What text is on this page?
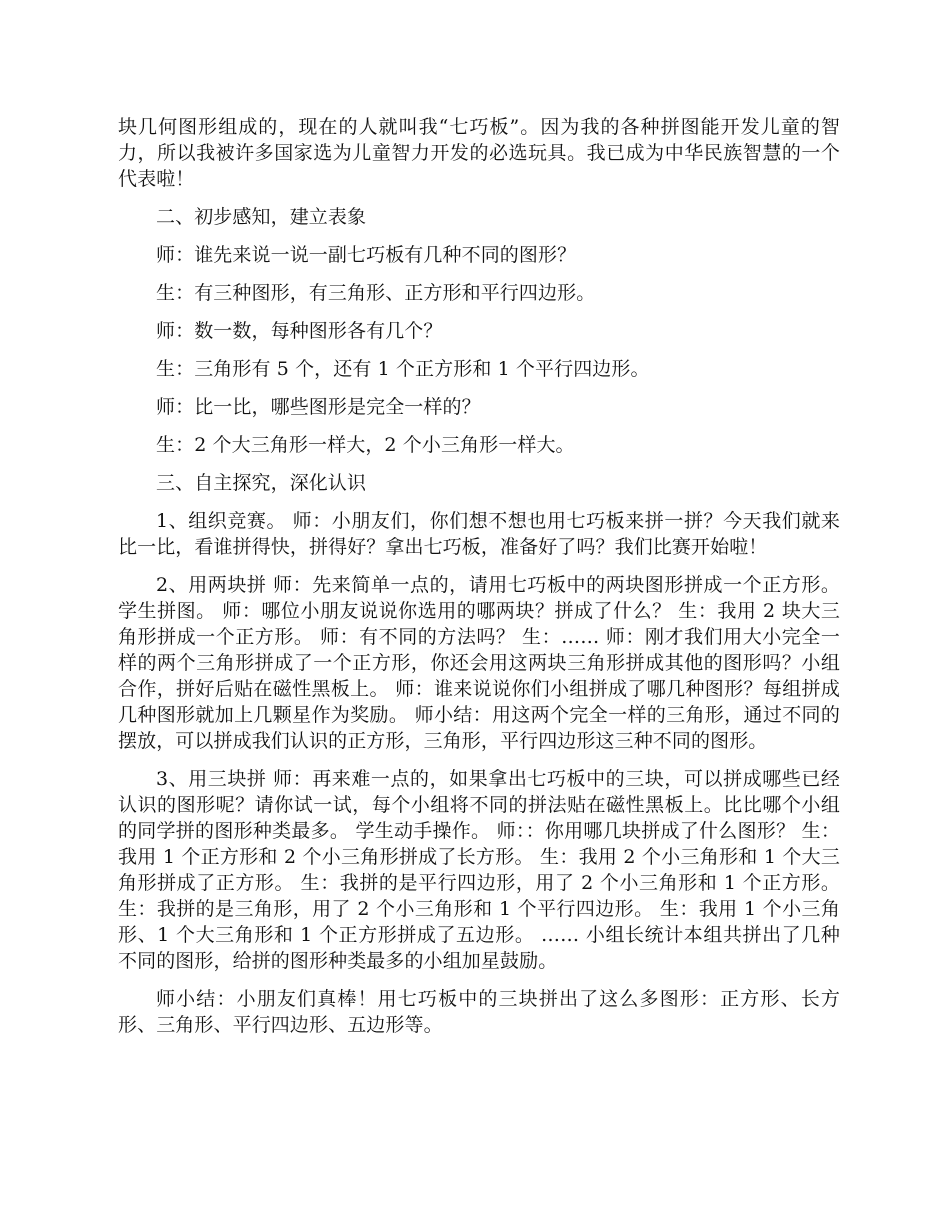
块几何图形组成的，现在的人就叫我“七巧板”。因为我的各种拼图能开发儿童的智力，所以我被许多国家选为儿童智力开发的必选玩具。我已成为中华民族智慧的一个代表啦！

二、初步感知，建立表象

师：谁先来说一说一副七巧板有几种不同的图形？

生：有三种图形，有三角形、正方形和平行四边形。

师：数一数，每种图形各有几个？

生：三角形有 5 个，还有 1 个正方形和 1 个平行四边形。

师：比一比，哪些图形是完全一样的？

生：2 个大三角形一样大，2 个小三角形一样大。

三、自主探究，深化认识

1、组织竞赛。 师：小朋友们，你们想不想也用七巧板来拼一拼？今天我们就来比一比，看谁拼得快，拼得好？拿出七巧板，准备好了吗？我们比赛开始啦！

2、用两块拼 师：先来简单一点的，请用七巧板中的两块图形拼成一个正方形。 学生拼图。 师：哪位小朋友说说你选用的哪两块？拼成了什么？ 生：我用 2 块大三角形拼成一个正方形。 师：有不同的方法吗？ 生：…… 师：刚才我们用大小完全一样的两个三角形拼成了一个正方形，你还会用这两块三角形拼成其他的图形吗？小组合作，拼好后贴在磁性黑板上。 师：谁来说说你们小组拼成了哪几种图形？每组拼成几种图形就加上几颗星作为奖励。 师小结：用这两个完全一样的三角形，通过不同的摆放，可以拼成我们认识的正方形，三角形，平行四边形这三种不同的图形。

3、用三块拼 师：再来难一点的，如果拿出七巧板中的三块，可以拼成哪些已经认识的图形呢？请你试一试，每个小组将不同的拼法贴在磁性黑板上。比比哪个小组的同学拼的图形种类最多。 学生动手操作。 师：：你用哪几块拼成了什么图形？ 生：我用 1 个正方形和 2 个小三角形拼成了长方形。 生：我用 2 个小三角形和 1 个大三角形拼成了正方形。 生：我拼的是平行四边形，用了 2 个小三角形和 1 个正方形。 生：我拼的是三角形，用了 2 个小三角形和 1 个平行四边形。 生：我用 1 个小三角形、1 个大三角形和 1 个正方形拼成了五边形。 …… 小组长统计本组共拼出了几种不同的图形，给拼的图形种类最多的小组加星鼓励。

师小结：小朋友们真棒！用七巧板中的三块拼出了这么多图形：正方形、长方形、三角形、平行四边形、五边形等。
